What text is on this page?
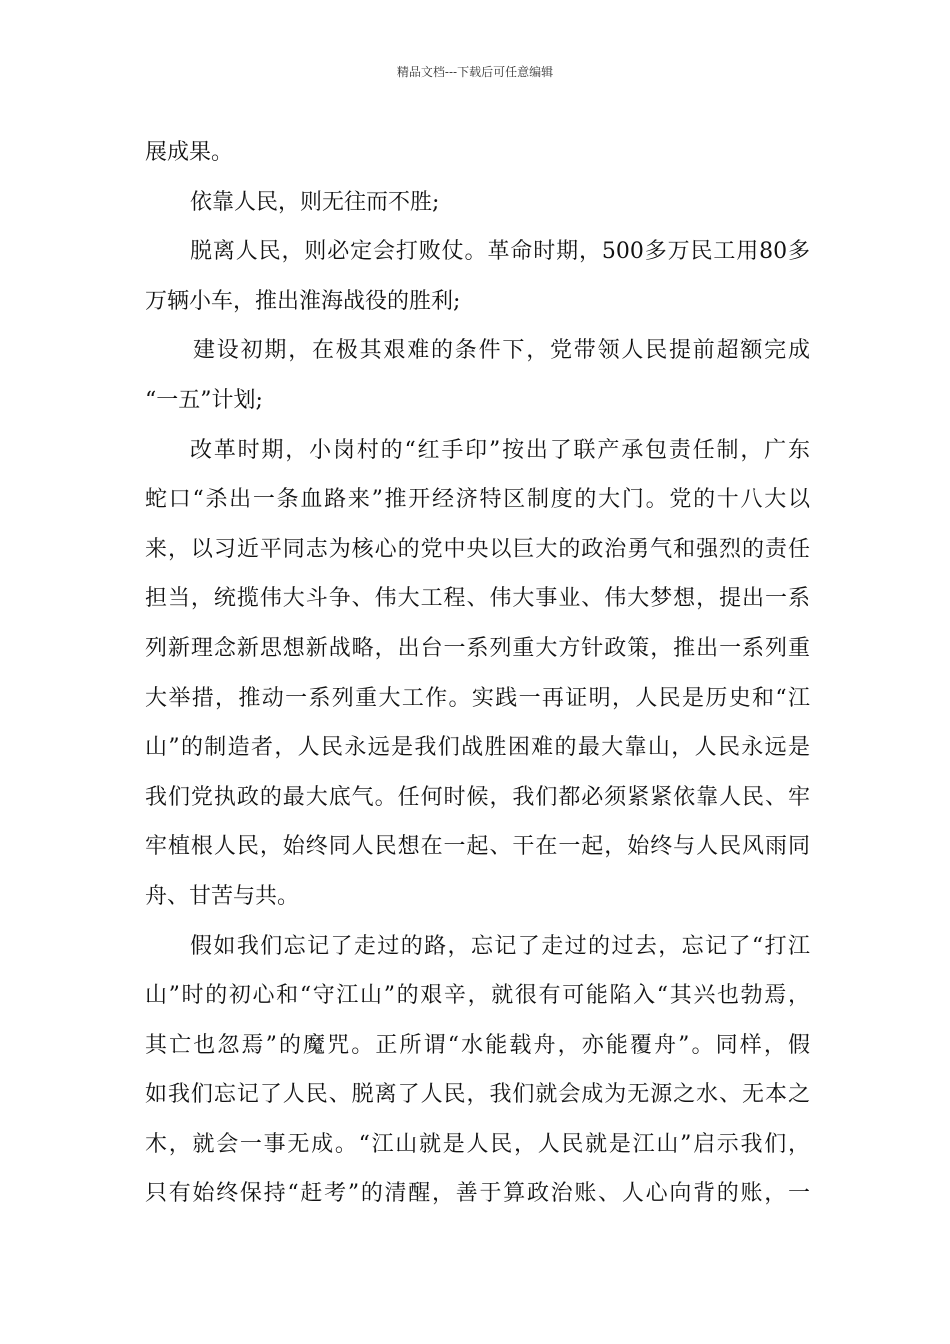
精品文档---下载后可任意编辑
展成果。
依靠人民，则无往而不胜;
脱离人民，则必定会打败仗。革命时期，500多万民工用80多
万辆小车，推出淮海战役的胜利;
建设初期，在极其艰难的条件下，党带领人民提前超额完成
“一五”计划;
改革时期，小岗村的“红手印”按出了联产承包责任制，广东
蛇口“杀出一条血路来”推开经济特区制度的大门。党的十八大以
来，以习近平同志为核心的党中央以巨大的政治勇气和强烈的责任
担当，统揽伟大斗争、伟大工程、伟大事业、伟大梦想，提出一系
列新理念新思想新战略，出台一系列重大方针政策，推出一系列重
大举措，推动一系列重大工作。实践一再证明，人民是历史和“江
山”的制造者，人民永远是我们战胜困难的最大靠山，人民永远是
我们党执政的最大底气。任何时候，我们都必须紧紧依靠人民、牢
牢植根人民，始终同人民想在一起、干在一起，始终与人民风雨同
舟、甘苦与共。
假如我们忘记了走过的路，忘记了走过的过去，忘记了“打江
山”时的初心和“守江山”的艰辛，就很有可能陷入“其兴也勃焉，
其亡也忽焉”的魔咒。正所谓“水能载舟，亦能覆舟”。同样，假
如我们忘记了人民、脱离了人民，我们就会成为无源之水、无本之
木，就会一事无成。“江山就是人民，人民就是江山”启示我们，
只有始终保持“赶考”的清醒，善于算政治账、人心向背的账，一
